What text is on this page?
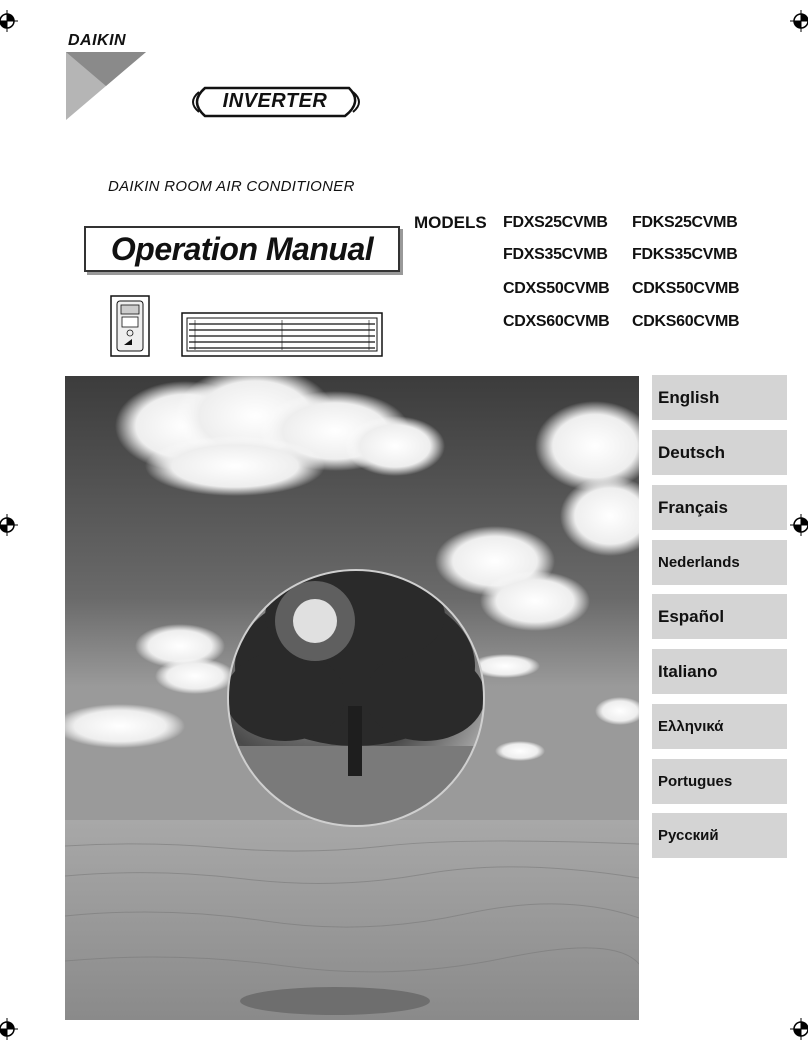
DAIKIN
INVERTER
DAIKIN ROOM AIR CONDITIONER
Operation Manual
MODELS FDXS25CVMB FDKS25CVMB
FDXS35CVMB FDKS35CVMB
CDXS50CVMB CDKS50CVMB
CDXS60CVMB CDKS60CVMB
English
Deutsch
Français
Nederlands
Español
Italiano
Ελληνικά
Portugues
Русский
